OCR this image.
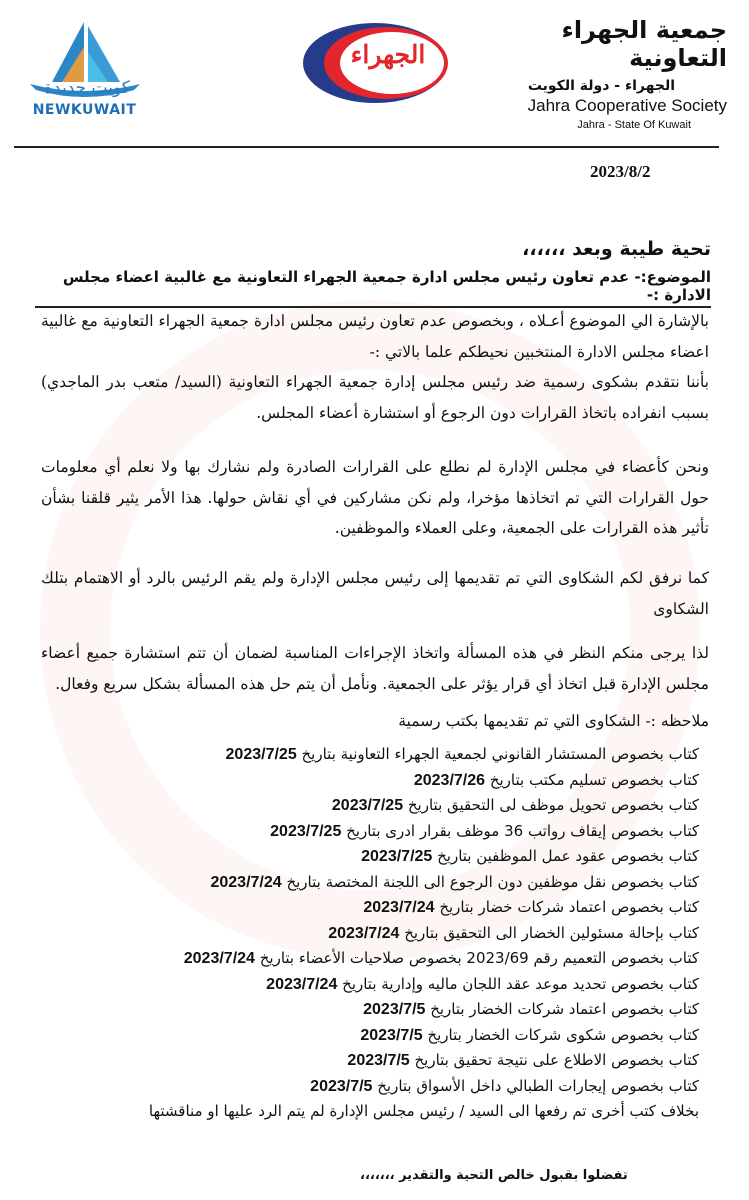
كويت جديدة
NEWKUWAIT
الجهراء
جمعية الجهراء التعاونية
الجهراء - دولة الكويت
Jahra Cooperative Society
Jahra - State Of Kuwait
2023/8/2
تحية طيبة وبعد ،،،،،،
الموضوع:- عدم تعاون رئيس مجلس ادارة جمعية الجهراء التعاونية مع غالبية اعضاء مجلس الادارة :-
بالإشارة الي الموضوع أعـلاه ، وبخصوص عدم تعاون رئيس مجلس ادارة جمعية الجهراء التعاونية مع غالبية اعضاء مجلس الادارة المنتخبين نحيطكم علما بالاتي :-
بأننا نتقدم بشكوى رسمية ضد رئيس مجلس إدارة جمعية الجهراء التعاونية (السيد/ متعب بدر الماجدي) بسبب انفراده باتخاذ القرارات دون الرجوع أو استشارة أعضاء المجلس.
ونحن كأعضاء في مجلس الإدارة لم نطلع على القرارات الصادرة ولم نشارك بها ولا نعلم أي معلومات حول القرارات التي تم اتخاذها مؤخرا، ولم نكن مشاركين في أي نقاش حولها. هذا الأمر يثير قلقنا بشأن تأثير هذه القرارات على الجمعية، وعلى العملاء والموظفين.
كما نرفق لكم الشكاوى التي تم تقديمها إلى رئيس مجلس الإدارة ولم يقم الرئيس بالرد أو الاهتمام بتلك الشكاوى
لذا يرجى منكم النظر في هذه المسألة واتخاذ الإجراءات المناسبة لضمان أن تتم استشارة جميع أعضاء مجلس الإدارة قبل اتخاذ أي قرار يؤثر على الجمعية. ونأمل أن يتم حل هذه المسألة بشكل سريع وفعال.
ملاحظه :- الشكاوى التي تم تقديمها بكتب رسمية
كتاب بخصوص المستشار القانوني لجمعية الجهراء التعاونية بتاريخ 2023/7/25
كتاب بخصوص تسليم مكتب بتاريخ 2023/7/26
كتاب بخصوص تحويل موظف لى التحقيق بتاريخ 2023/7/25
كتاب بخصوص إيقاف رواتب 36 موظف بقرار ادرى بتاريخ 2023/7/25
كتاب بخصوص عقود عمل الموظفين بتاريخ 2023/7/25
كتاب بخصوص نقل موظفين دون الرجوع الى اللجنة المختصة بتاريخ 2023/7/24
كتاب بخصوص اعتماد شركات خضار بتاريخ 2023/7/24
كتاب بإحالة مسئولين الخضار الى التحقيق بتاريخ 2023/7/24
كتاب بخصوص التعميم رقم 2023/69 بخصوص صلاحيات الأعضاء بتاريخ 2023/7/24
كتاب بخصوص تحديد موعد عقد اللجان ماليه وإدارية بتاريخ 2023/7/24
كتاب بخصوص اعتماد شركات الخضار بتاريخ 2023/7/5
كتاب بخصوص شكوى شركات الخضار بتاريخ 2023/7/5
كتاب بخصوص الاطلاع على نتيجة تحقيق بتاريخ 2023/7/5
كتاب بخصوص إيجارات الطبالي داخل الأسواق بتاريخ 2023/7/5
بخلاف كتب أخرى تم رفعها الى السيد / رئيس مجلس الإدارة لم يتم الرد عليها او مناقشتها
تفضلوا بقبول خالص التحية والتقدير ،،،،،،،
